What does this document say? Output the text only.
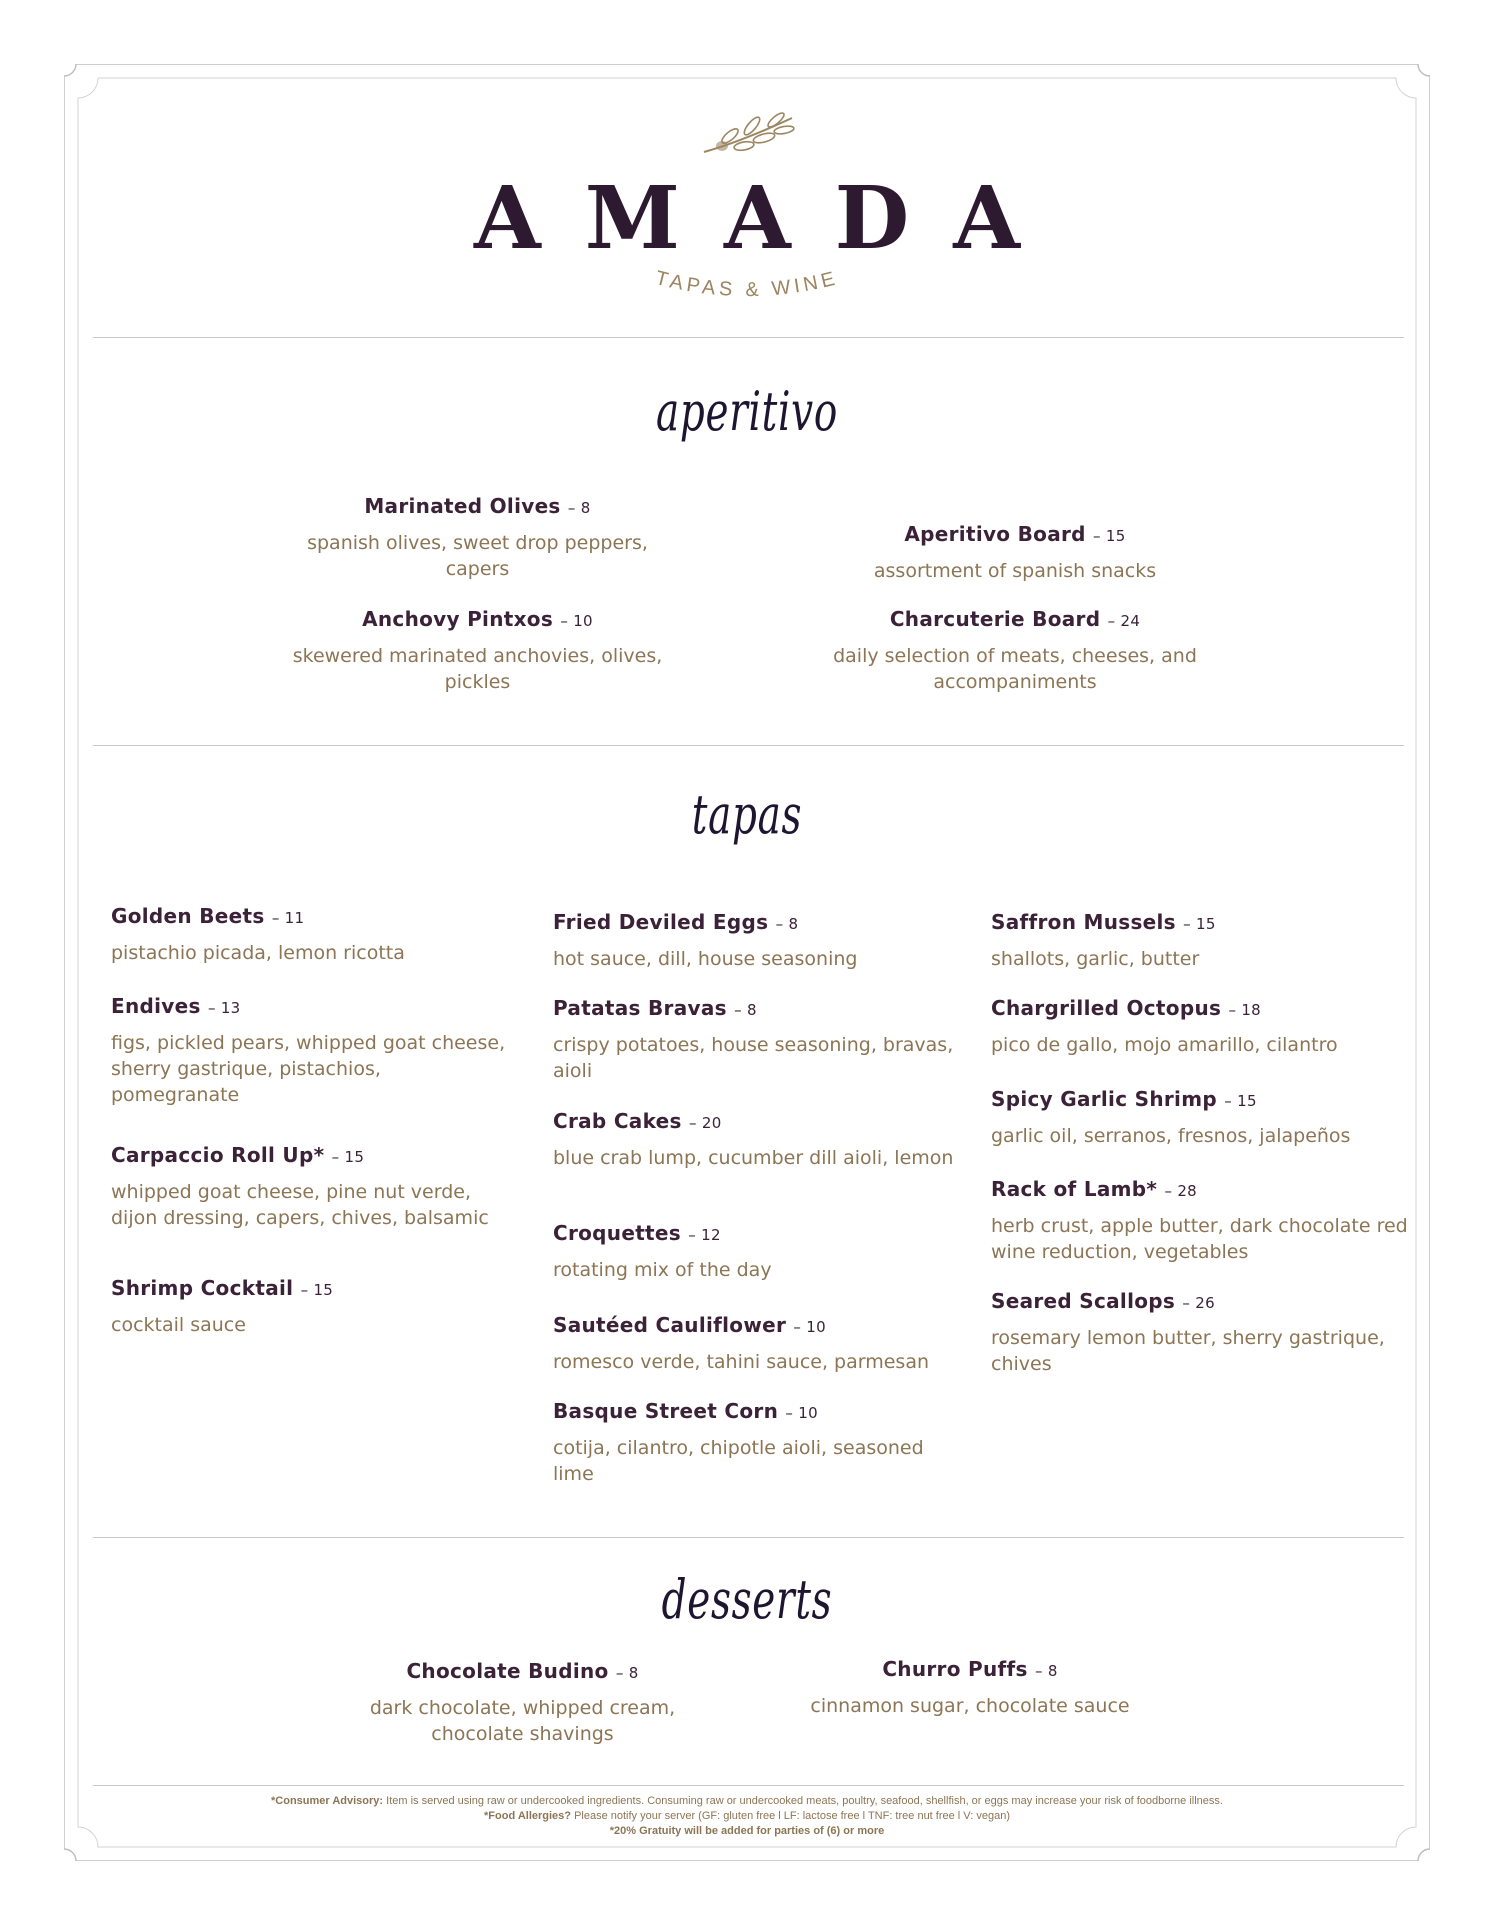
AMADA
TAPAS & WINE
aperitivo
Marinated Olives – 8
spanish olives, sweet drop peppers, capers
Anchovy Pintxos – 10
skewered marinated anchovies, olives, pickles
Aperitivo Board – 15
assortment of spanish snacks
Charcuterie Board – 24
daily selection of meats, cheeses, and accompaniments
tapas
Golden Beets – 11
pistachio picada, lemon ricotta
Endives – 13
figs, pickled pears, whipped goat cheese, sherry gastrique, pistachios, pomegranate
Carpaccio Roll Up* – 15
whipped goat cheese, pine nut verde, dijon dressing, capers, chives, balsamic
Shrimp Cocktail – 15
cocktail sauce
Fried Deviled Eggs – 8
hot sauce, dill, house seasoning
Patatas Bravas – 8
crispy potatoes, house seasoning, bravas, aioli
Crab Cakes – 20
blue crab lump, cucumber dill aioli, lemon
Croquettes – 12
rotating mix of the day
Sautéed Cauliflower – 10
romesco verde, tahini sauce, parmesan
Basque Street Corn – 10
cotija, cilantro, chipotle aioli, seasoned lime
Saffron Mussels – 15
shallots, garlic, butter
Chargrilled Octopus – 18
pico de gallo, mojo amarillo, cilantro
Spicy Garlic Shrimp – 15
garlic oil, serranos, fresnos, jalapeños
Rack of Lamb* – 28
herb crust, apple butter, dark chocolate red wine reduction, vegetables
Seared Scallops – 26
rosemary lemon butter, sherry gastrique, chives
desserts
Chocolate Budino – 8
dark chocolate, whipped cream, chocolate shavings
Churro Puffs – 8
cinnamon sugar, chocolate sauce
*Consumer Advisory: Item is served using raw or undercooked ingredients. Consuming raw or undercooked meats, poultry, seafood, shellfish, or eggs may increase your risk of foodborne illness.
*Food Allergies? Please notify your server (GF: gluten free l LF: lactose free l TNF: tree nut free l V: vegan)
*20% Gratuity will be added for parties of (6) or more
